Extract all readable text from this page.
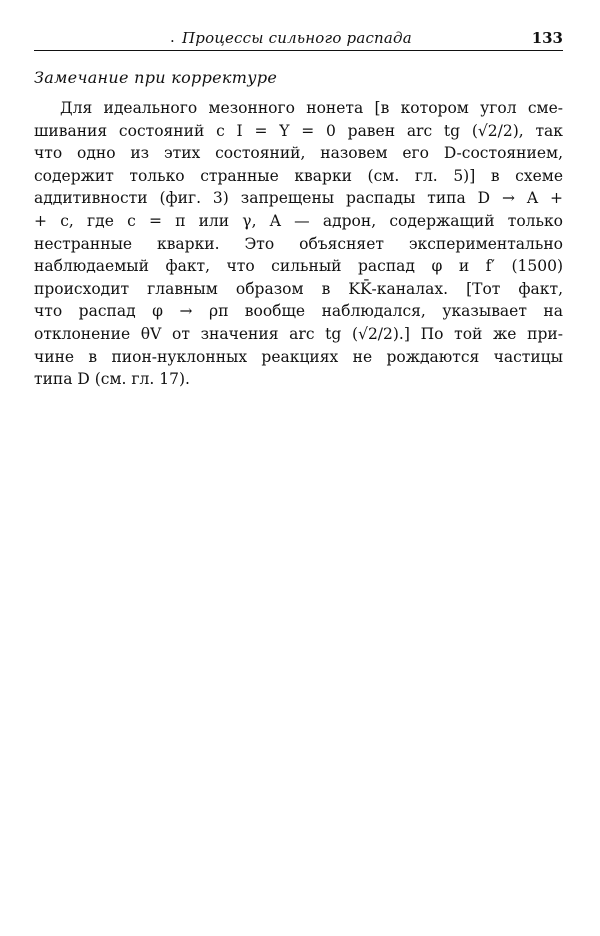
. Процессы сильного распада	133
Замечание при корректуре
Для идеального мезонного нонета [в котором угол сме-
шивания состояний с I = Y = 0 равен arc tg (√2/2), так
что одно из этих состояний, назовем его D-состоянием,
содержит только странные кварки (см. гл. 5)] в схеме
аддитивности (фиг. 3) запрещены распады типа D → A +
+ c, где c = π или γ, A — адрон, содержащий только
нестранные кварки. Это объясняет экспериментально
наблюдаемый факт, что сильный распад φ и f′ (1500)
происходит главным образом в KK̄-каналах. [Тот факт,
что распад φ → ρπ вообще наблюдался, указывает на
отклонение θV от значения arc tg (√2/2).] По той же при-
чине в пион-нуклонных реакциях не рождаются частицы
типа D (см. гл. 17).
